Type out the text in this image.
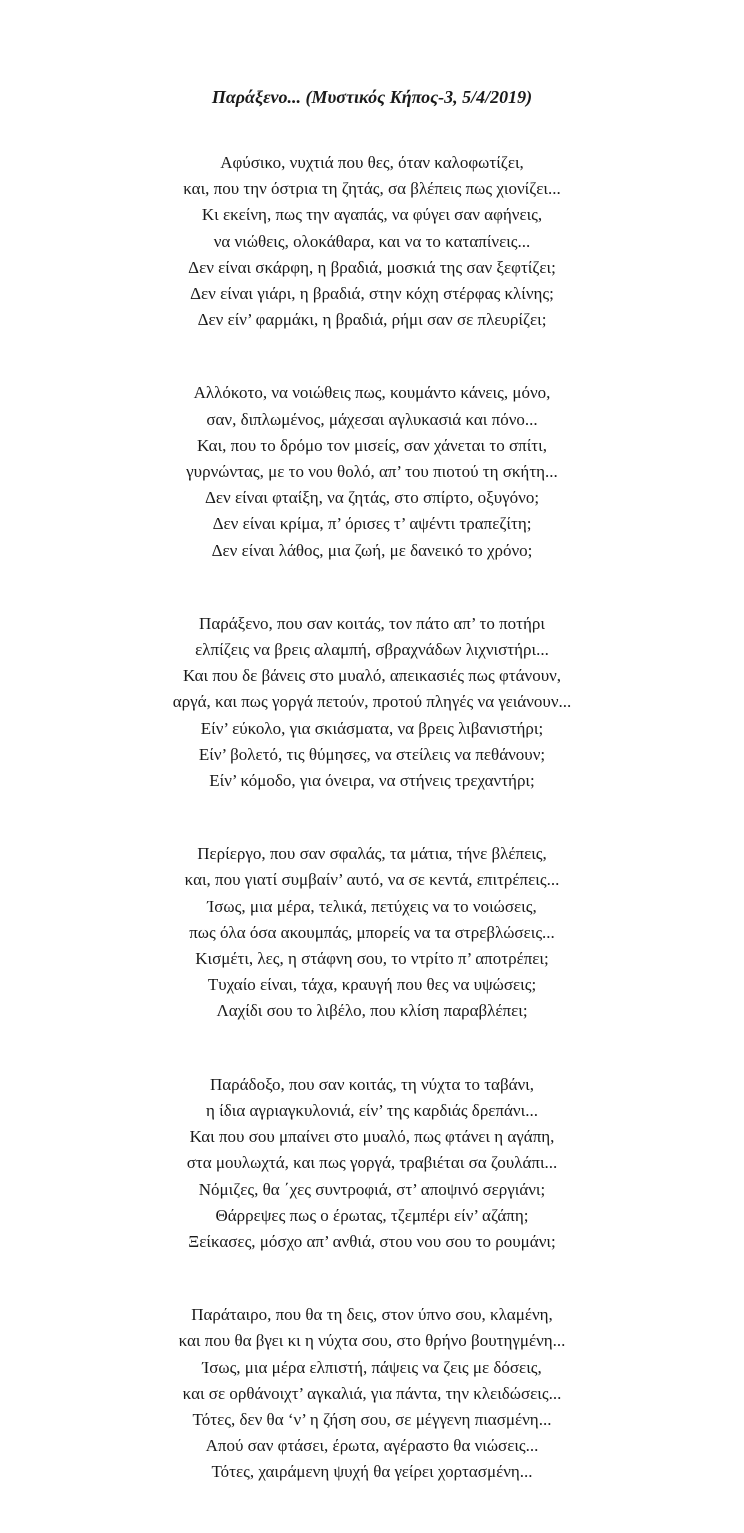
Παράξενο... (Μυστικός Κήπος-3, 5/4/2019)
Αφύσικο, νυχτιά που θες, όταν καλοφωτίζει,
και, που την όστρια τη ζητάς, σα βλέπεις πως χιονίζει...
Κι εκείνη, πως την αγαπάς, να φύγει σαν αφήνεις,
να νιώθεις, ολοκάθαρα, και να το καταπίνεις...
Δεν είναι σκάρφη, η βραδιά, μοσκιά της σαν ξεφτίζει;
Δεν είναι γιάρι, η βραδιά, στην κόχη στέρφας κλίνης;
Δεν είν’ φαρμάκι, η βραδιά, ρήμι σαν σε πλευρίζει;
Αλλόκοτο, να νοιώθεις πως, κουμάντο κάνεις, μόνο,
σαν, διπλωμένος, μάχεσαι αγλυκασιά και πόνο...
Και, που το δρόμο τον μισείς, σαν χάνεται το σπίτι,
γυρνώντας, με το νου θολό, απ’ του πιοτού τη σκήτη...
Δεν είναι φταίξη, να ζητάς, στο σπίρτο, οξυγόνο;
Δεν είναι κρίμα, π’ όρισες τ’ αψέντι τραπεζίτη;
Δεν είναι λάθος, μια ζωή, με δανεικό το χρόνο;
Παράξενο, που σαν κοιτάς, τον πάτο απ’ το ποτήρι
ελπίζεις να βρεις αλαμπή, σβραχνάδων λιχνιστήρι...
Και που δε βάνεις στο μυαλό, απεικασιές πως φτάνουν,
αργά, και πως γοργά πετούν, προτού πληγές να γειάνουν...
Είν’ εύκολο, για σκιάσματα, να βρεις λιβανιστήρι;
Είν’ βολετό, τις θύμησες, να στείλεις να πεθάνουν;
Είν’ κόμοδο, για όνειρα, να στήνεις τρεχαντήρι;
Περίεργο, που σαν σφαλάς, τα μάτια, τήνε βλέπεις,
και, που γιατί συμβαίν’ αυτό, να σε κεντά, επιτρέπεις...
Ίσως, μια μέρα, τελικά, πετύχεις να το νοιώσεις,
πως όλα όσα ακουμπάς, μπορείς να τα στρεβλώσεις...
Κισμέτι, λες, η στάφνη σου, το ντρίτο π’ αποτρέπει;
Τυχαίο είναι, τάχα, κραυγή που θες να υψώσεις;
Λαχίδι σου το λιβέλο, που κλίση παραβλέπει;
Παράδοξο, που σαν κοιτάς, τη νύχτα το ταβάνι,
η ίδια αγριαγκυλονιά, είν’ της καρδιάς δρεπάνι...
Και που σου μπαίνει στο μυαλό, πως φτάνει η αγάπη,
στα μουλωχτά, και πως γοργά, τραβιέται σα ζουλάπι...
Νόμιζες, θα ΄χες συντροφιά, στ’ αποψινό σεργιάνι;
Θάρρεψες πως ο έρωτας, τζεμπέρι είν’ αζάπη;
Ξείκασες, μόσχο απ’ ανθιά, στου νου σου το ρουμάνι;
Παράταιρο, που θα τη δεις, στον ύπνο σου, κλαμένη,
και που θα βγει κι η νύχτα σου, στο θρήνο βουτηγμένη...
Ίσως, μια μέρα ελπιστή, πάψεις να ζεις με δόσεις,
και σε ορθάνοιχτ’ αγκαλιά, για πάντα, την κλειδώσεις...
Τότες, δεν θα ‘ν’ η ζήση σου, σε μέγγενη πιασμένη...
Απού σαν φτάσει, έρωτα, αγέραστο θα νιώσεις...
Τότες, χαιράμενη ψυχή θα γείρει χορτασμένη...
